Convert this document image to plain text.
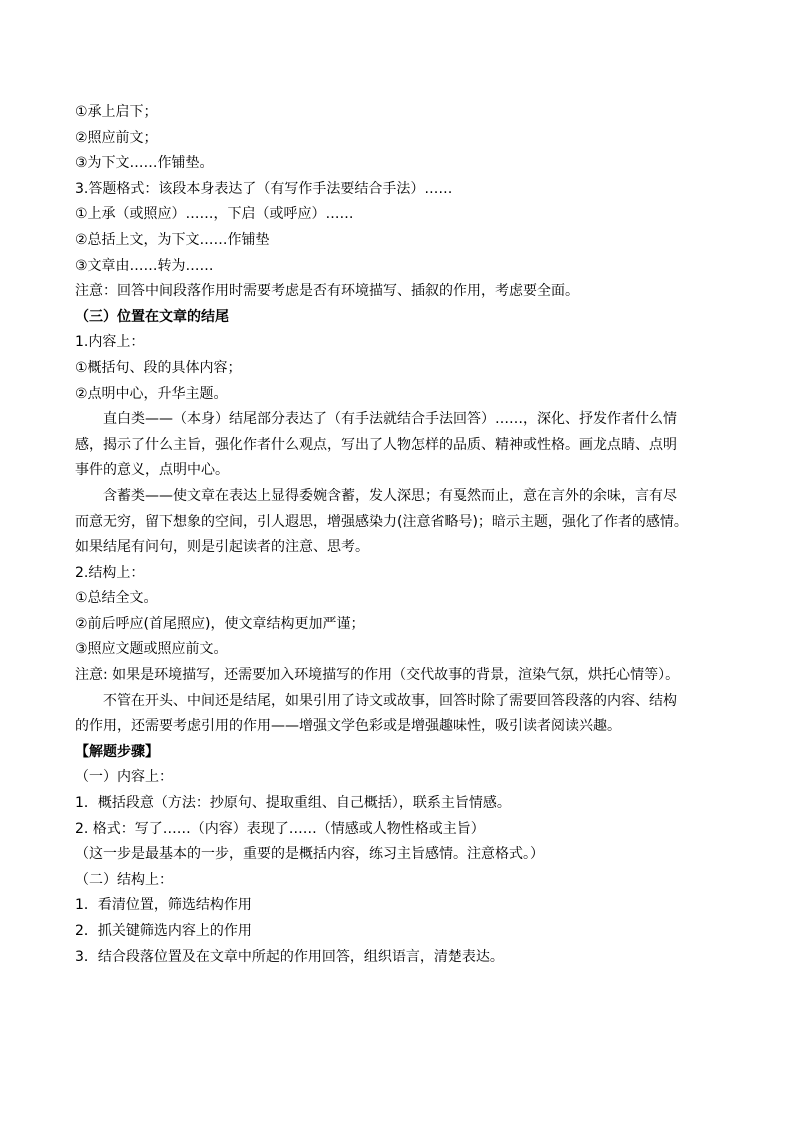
①承上启下；

②照应前文；

③为下文……作铺垫。

3.答题格式：该段本身表达了（有写作手法要结合手法）……

①上承（或照应）……，下启（或呼应）……

②总括上文，为下文……作铺垫

③文章由……转为……

注意：回答中间段落作用时需要考虑是否有环境描写、插叙的作用，考虑要全面。

（三）位置在文章的结尾

1.内容上：

①概括句、段的具体内容；

②点明中心，升华主题。

直白类——（本身）结尾部分表达了（有手法就结合手法回答）……，深化、抒发作者什么情

感，揭示了什么主旨，强化作者什么观点，写出了人物怎样的品质、精神或性格。画龙点睛、点明

事件的意义，点明中心。

含蓄类——使文章在表达上显得委婉含蓄，发人深思；有戛然而止，意在言外的余味，言有尽

而意无穷，留下想象的空间，引人遐思，增强感染力(注意省略号)；暗示主题，强化了作者的感情。

如果结尾有问句，则是引起读者的注意、思考。

2.结构上：

①总结全文。

②前后呼应(首尾照应)，使文章结构更加严谨；

③照应文题或照应前文。

注意: 如果是环境描写，还需要加入环境描写的作用（交代故事的背景，渲染气氛，烘托心情等）。

不管在开头、中间还是结尾，如果引用了诗文或故事，回答时除了需要回答段落的内容、结构

的作用，还需要考虑引用的作用——增强文学色彩或是增强趣味性，吸引读者阅读兴趣。

【解题步骤】

（一）内容上：

1．概括段意（方法：抄原句、提取重组、自己概括），联系主旨情感。

2. 格式：写了……（内容）表现了……（情感或人物性格或主旨）

（这一步是最基本的一步，重要的是概括内容，练习主旨感情。注意格式。）

（二）结构上：

1．看清位置，筛选结构作用

2．抓关键筛选内容上的作用

3．结合段落位置及在文章中所起的作用回答，组织语言，清楚表达。
